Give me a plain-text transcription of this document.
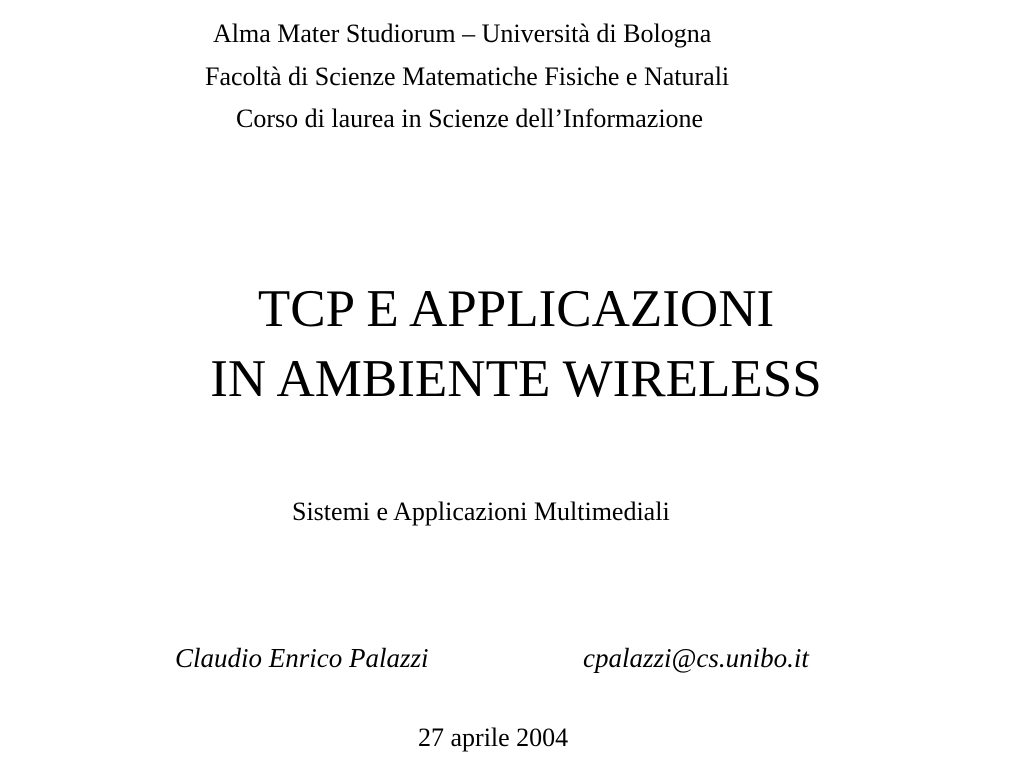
Alma Mater Studiorum – Università di Bologna
Facoltà di Scienze Matematiche Fisiche e Naturali
Corso di laurea in Scienze dell’Informazione
TCP E APPLICAZIONI
IN AMBIENTE WIRELESS
Sistemi e Applicazioni Multimediali
Claudio Enrico Palazzi	cpalazzi@cs.unibo.it
27 aprile 2004
